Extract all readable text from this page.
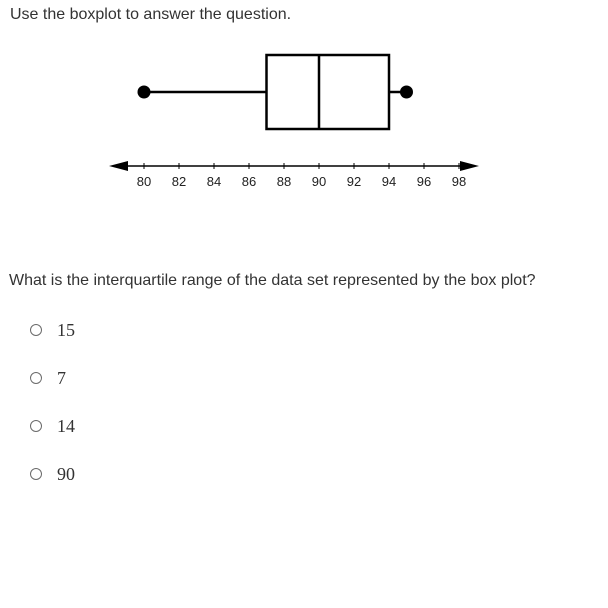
Use the boxplot to answer the question.
80 82 84 86 88 90 92 94 96 98
What is the interquartile range of the data set represented by the box plot?
15
7
14
90
